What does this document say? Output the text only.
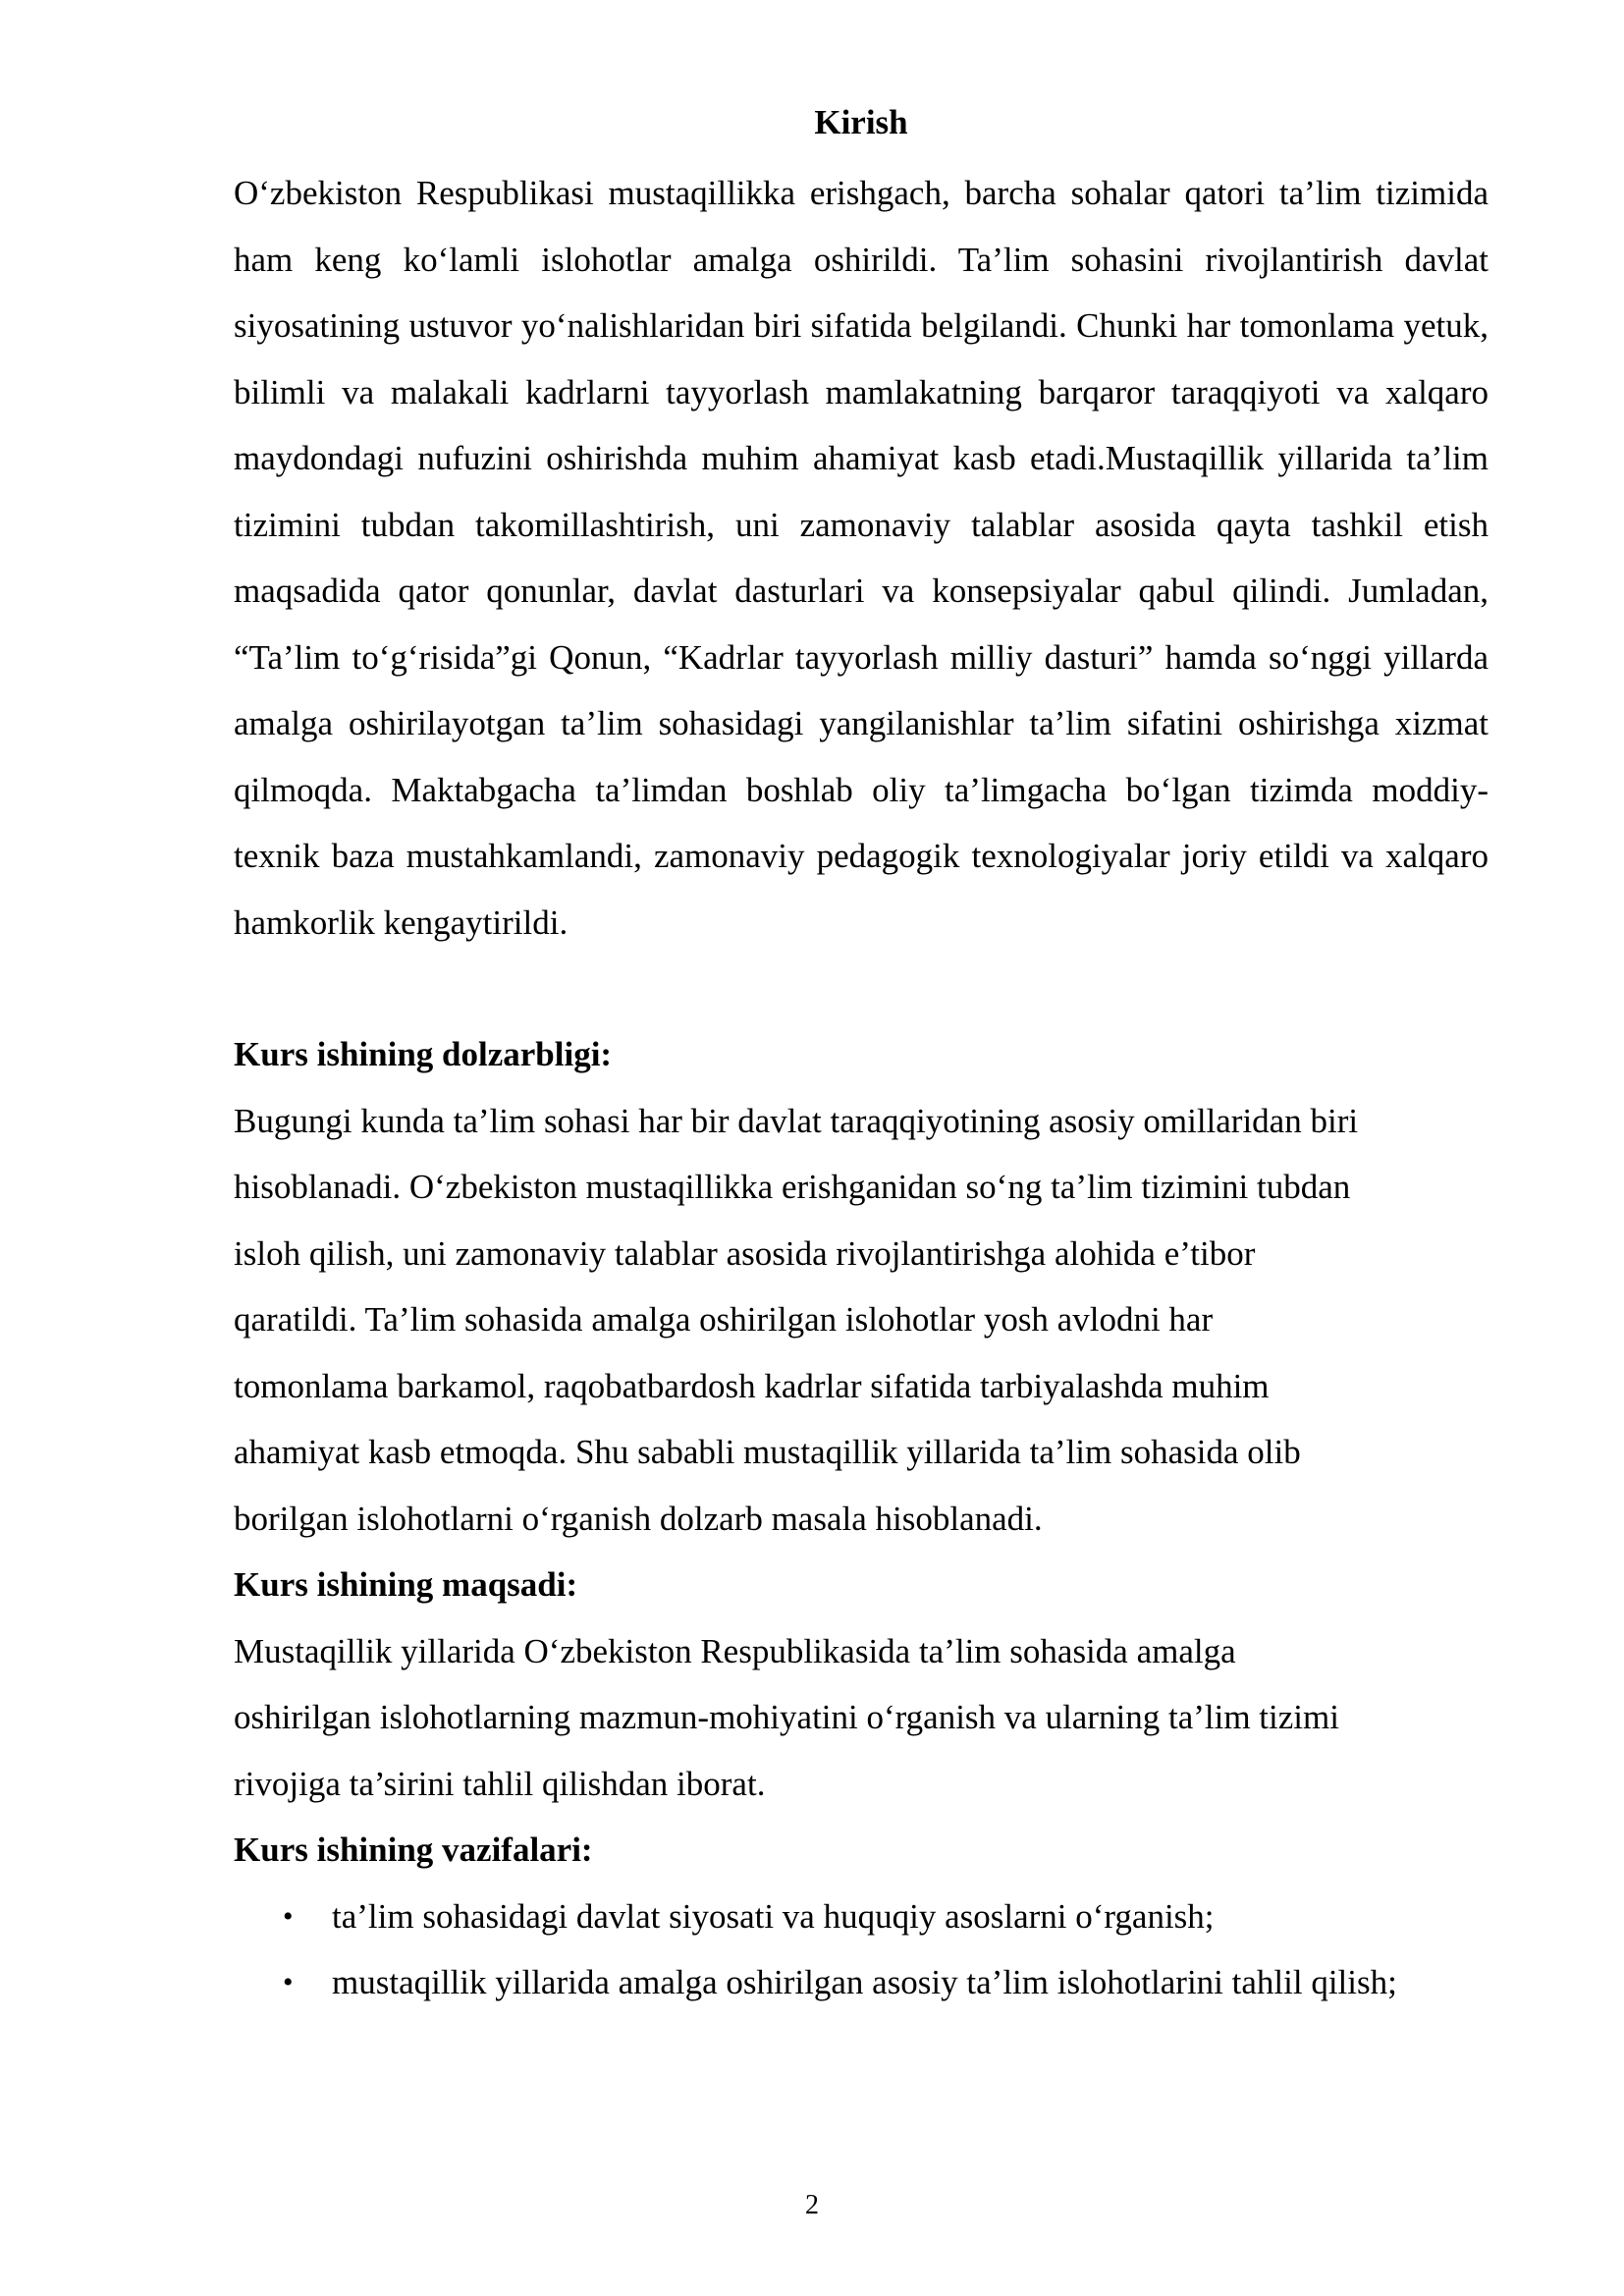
Kirish

O‘zbekiston Respublikasi mustaqillikka erishgach, barcha sohalar qatori ta’lim tizimida ham keng ko‘lamli islohotlar amalga oshirildi. Ta’lim sohasini rivojlantirish davlat siyosatining ustuvor yo‘nalishlaridan biri sifatida belgilandi. Chunki har tomonlama yetuk, bilimli va malakali kadrlarni tayyorlash mamlakatning barqaror taraqqiyoti va xalqaro maydondagi nufuzini oshirishda muhim ahamiyat kasb etadi.Mustaqillik yillarida ta’lim tizimini tubdan takomillashtirish, uni zamonaviy talablar asosida qayta tashkil etish maqsadida qator qonunlar, davlat dasturlari va konsepsiyalar qabul qilindi. Jumladan, “Ta’lim to‘g‘risida”gi Qonun, “Kadrlar tayyorlash milliy dasturi” hamda so‘nggi yillarda amalga oshirilayotgan ta’lim sohasidagi yangilanishlar ta’lim sifatini oshirishga xizmat qilmoqda. Maktabgacha ta’limdan boshlab oliy ta’limgacha bo‘lgan tizimda moddiy-texnik baza mustahkamlandi, zamonaviy pedagogik texnologiyalar joriy etildi va xalqaro hamkorlik kengaytirildi.

Kurs ishining dolzarbligi:

Bugungi kunda ta’lim sohasi har bir davlat taraqqiyotining asosiy omillaridan biri
hisoblanadi. O‘zbekiston mustaqillikka erishganidan so‘ng ta’lim tizimini tubdan
isloh qilish, uni zamonaviy talablar asosida rivojlantirishga alohida e’tibor
qaratildi. Ta’lim sohasida amalga oshirilgan islohotlar yosh avlodni har
tomonlama barkamol, raqobatbardosh kadrlar sifatida tarbiyalashda muhim
ahamiyat kasb etmoqda. Shu sababli mustaqillik yillarida ta’lim sohasida olib
borilgan islohotlarni o‘rganish dolzarb masala hisoblanadi.

Kurs ishining maqsadi:

Mustaqillik yillarida O‘zbekiston Respublikasida ta’lim sohasida amalga
oshirilgan islohotlarning mazmun-mohiyatini o‘rganish va ularning ta’lim tizimi
rivojiga ta’sirini tahlil qilishdan iborat.

Kurs ishining vazifalari:

• ta’lim sohasidagi davlat siyosati va huquqiy asoslarni o‘rganish;
• mustaqillik yillarida amalga oshirilgan asosiy ta’lim islohotlarini tahlil qilish;
2
